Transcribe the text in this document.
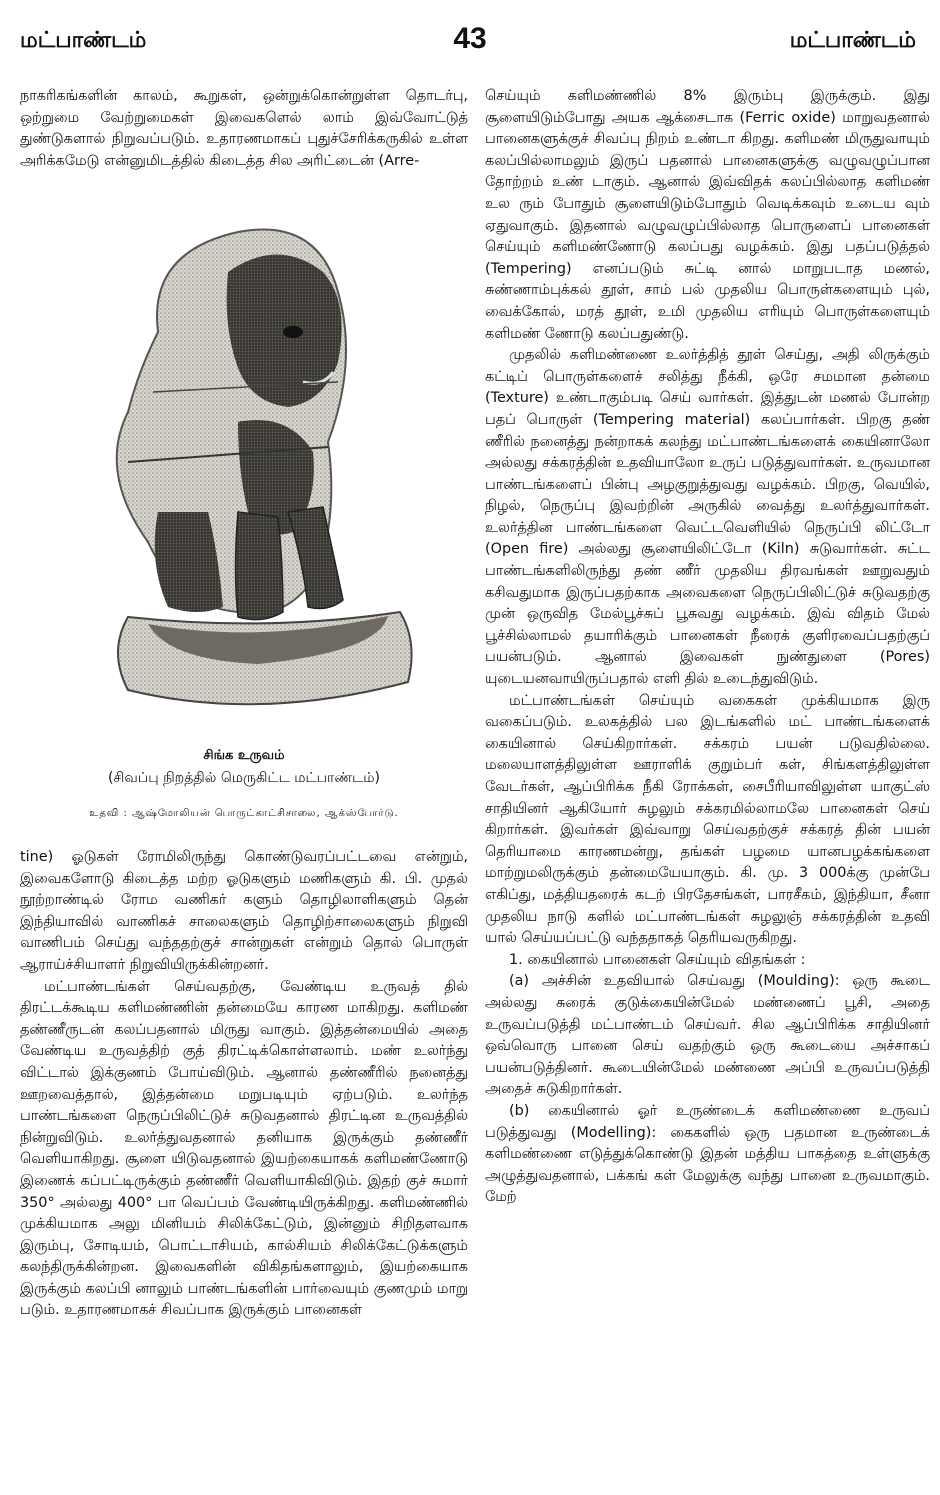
மட்பாண்டம்	43	மட்பாண்டம்

நாகரிகங்களின் காலம், கூறுகள், ஒன்றுக்கொன்றுள்ள தொடர்பு, ஒற்றுமை வேற்றுமைகள் இவைகளெல் லாம் இவ்வோட்டுத் துண்டுகளால் நிறுவப்படும். உதாரணமாகப் புதுச்சேரிக்கருகில் உள்ள அரிக்கமேடு என்னுமிடத்தில் கிடைத்த சில அரிட்டைன் (Arre-

சிங்க உருவம்
(சிவப்பு நிறத்தில் மெருகிட்ட மட்பாண்டம்)
உதவி : ஆஷ்மோலியன் பொருட்காட்சிசாலை, ஆக்ஸ்போர்டு.

tine) ஓடுகள் ரோமிலிருந்து கொண்டுவரப்பட்டவை என்றும், இவைகளோடு கிடைத்த மற்ற ஓடுகளும் மணிகளும் கி. பி. முதல் நூற்றாண்டில் ரோம வணிகர் களும் தொழிலாளிகளும் தென் இந்தியாவில் வாணிகச் சாலைகளும் தொழிற்சாலைகளும் நிறுவி வாணிபம் செய்து வந்ததற்குச் சான்றுகள் என்றும் தொல் பொருள் ஆராய்ச்சியாளர் நிறுவியிருக்கின்றனர்.

மட்பாண்டங்கள் செய்வதற்கு, வேண்டிய உருவத் தில் திரட்டக்கூடிய களிமண்ணின் தன்மையே காரண மாகிறது. களிமண் தண்ணீருடன் கலப்பதனால் மிருது வாகும். இத்தன்மையில் அதை வேண்டிய உருவத்திற் குத் திரட்டிக்கொள்ளலாம். மண் உலர்ந்து விட்டால் இக்குணம் போய்விடும். ஆனால் தண்ணீரில் நனைத்து ஊறவைத்தால், இத்தன்மை மறுபடியும் ஏற்படும். உலர்ந்த பாண்டங்களை நெருப்பிலிட்டுச் சுடுவதனால் திரட்டின உருவத்தில் நின்றுவிடும். உலர்த்துவதனால் தனியாக இருக்கும் தண்ணீர் வெளியாகிறது. சூளை யிடுவதனால் இயற்கையாகக் களிமண்ணோடு இணைக் கப்பட்டிருக்கும் தண்ணீர் வெளியாகிவிடும். இதற் குச் சுமார் 350° அல்லது 400° பா வெப்பம் வேண்டியிருக்கிறது. களிமண்ணில் முக்கியமாக அலு மினியம் சிலிக்கேட்டும், இன்னும் சிறிதளவாக இரும்பு, சோடியம், பொட்டாசியம், கால்சியம் சிலிக்கேட்டுக்களும் கலந்திருக்கின்றன. இவைகளின் விகிதங்களாலும், இயற்கையாக இருக்கும் கலப்பி னாலும் பாண்டங்களின் பார்வையும் குணமும் மாறு படும். உதாரணமாகச் சிவப்பாக இருக்கும் பானைகள்

செய்யும் களிமண்ணில் 8% இரும்பு இருக்கும். இது சூளையிடும்போது அயக ஆக்சைடாக (Ferric oxide) மாறுவதனால் பானைகளுக்குச் சிவப்பு நிறம் உண்டா கிறது. களிமண் மிருதுவாயும் கலப்பில்லாமலும் இருப் பதனால் பானைகளுக்கு வழுவழுப்பான தோற்றம் உண் டாகும். ஆனால் இவ்விதக் கலப்பில்லாத களிமண் உல ரும் போதும் சூளையிடும்போதும் வெடிக்கவும் உடைய வும் ஏதுவாகும். இதனால் வழுவழுப்பில்லாத பொருளைப் பானைகள் செய்யும் களிமண்ணோடு கலப்பது வழக்கம். இது பதப்படுத்தல் (Tempering) எனப்படும் சுட்டி னால் மாறுபடாத மணல், சுண்ணாம்புக்கல் தூள், சாம் பல் முதலிய பொருள்களையும் புல், வைக்கோல், மரத் தூள், உமி முதலிய எரியும் பொருள்களையும் களிமண் ணோடு கலப்பதுண்டு.

முதலில் களிமண்ணை உலர்த்தித் தூள் செய்து, அதி லிருக்கும் கட்டிப் பொருள்களைச் சலித்து நீக்கி, ஒரே சமமான தன்மை (Texture) உண்டாகும்படி செய் வார்கள். இத்துடன் மணல் போன்ற பதப் பொருள் (Tempering material) கலப்பார்கள். பிறகு தண் ணீரில் நனைத்து நன்றாகக் கலந்து மட்பாண்டங்களைக் கையினாலோ அல்லது சக்கரத்தின் உதவியாலோ உருப் படுத்துவார்கள். உருவமான பாண்டங்களைப் பின்பு அழகுறுத்துவது வழக்கம். பிறகு, வெயில், நிழல், நெருப்பு இவற்றின் அருகில் வைத்து உலர்த்துவார்கள். உலர்த்தின பாண்டங்களை வெட்டவெளியில் நெருப்பி லிட்டோ (Open fire) அல்லது சூளையிலிட்டோ (Kiln) சுடுவார்கள். சுட்ட பாண்டங்களிலிருந்து தண் ணீர் முதலிய திரவங்கள் ஊறுவதும் கசிவதுமாக இருப்பதற்காக அவைகளை நெருப்பிலிட்டுச் சுடுவதற்கு முன் ஒருவித மேல்பூச்சுப் பூசுவது வழக்கம். இவ் விதம் மேல் பூச்சில்லாமல் தயாரிக்கும் பானைகள் நீரைக் குளிரவைப்பதற்குப் பயன்படும். ஆனால் இவைகள் நுண்துளை (Pores) யுடையனவாயிருப்பதால் எளி தில் உடைந்துவிடும்.

மட்பாண்டங்கள் செய்யும் வகைகள் முக்கியமாக இரு வகைப்படும். உலகத்தில் பல இடங்களில் மட் பாண்டங்களைக் கையினால் செய்கிறார்கள். சக்கரம் பயன் படுவதில்லை. மலையாளத்திலுள்ள ஊராளிக் குறும்பர் கள், சிங்களத்திலுள்ள வேடர்கள், ஆப்பிரிக்க நீகி ரோக்கள், சைபீரியாவிலுள்ள யாகுட்ஸ் சாதியினர் ஆகியோர் சுழலும் சக்கரமில்லாமலே பானைகள் செய் கிறார்கள். இவர்கள் இவ்வாறு செய்வதற்குச் சக்கரத் தின் பயன் தெரியாமை காரணமன்று, தங்கள் பழமை யானபழக்கங்களை மாற்றுமலிருக்கும் தன்மையேயாகும். கி. மு. 3 000க்கு முன்பே எகிப்து, மத்தியதரைக் கடற் பிரதேசங்கள், பாரசீகம், இந்தியா, சீனா முதலிய நாடு களில் மட்பாண்டங்கள் சுழலுஞ் சக்கரத்தின் உதவி யால் செய்யப்பட்டு வந்ததாகத் தெரியவருகிறது.

1. கையினால் பானைகள் செய்யும் விதங்கள் :

(a) அச்சின் உதவியால் செய்வது (Moulding): ஒரு கூடை அல்லது சுரைக் குடுக்கையின்மேல் மண்ணைப் பூசி, அதை உருவப்படுத்தி மட்பாண்டம் செய்வர். சில ஆப்பிரிக்க சாதியினர் ஒவ்வொரு பானை செய் வதற்கும் ஒரு கூடையை அச்சாகப் பயன்படுத்தினர். கூடையின்மேல் மண்ணை அப்பி உருவப்படுத்தி அதைச் சுடுகிறார்கள்.

(b) கையினால் ஓர் உருண்டைக் களிமண்ணை உருவப் படுத்துவது (Modelling): கைகளில் ஒரு பதமான உருண்டைக் களிமண்ணை எடுத்துக்கொண்டு இதன் மத்திய பாகத்தை உள்ளுக்கு அழுத்துவதனால், பக்கங் கள் மேலுக்கு வந்து பானை உருவமாகும். மேற்
